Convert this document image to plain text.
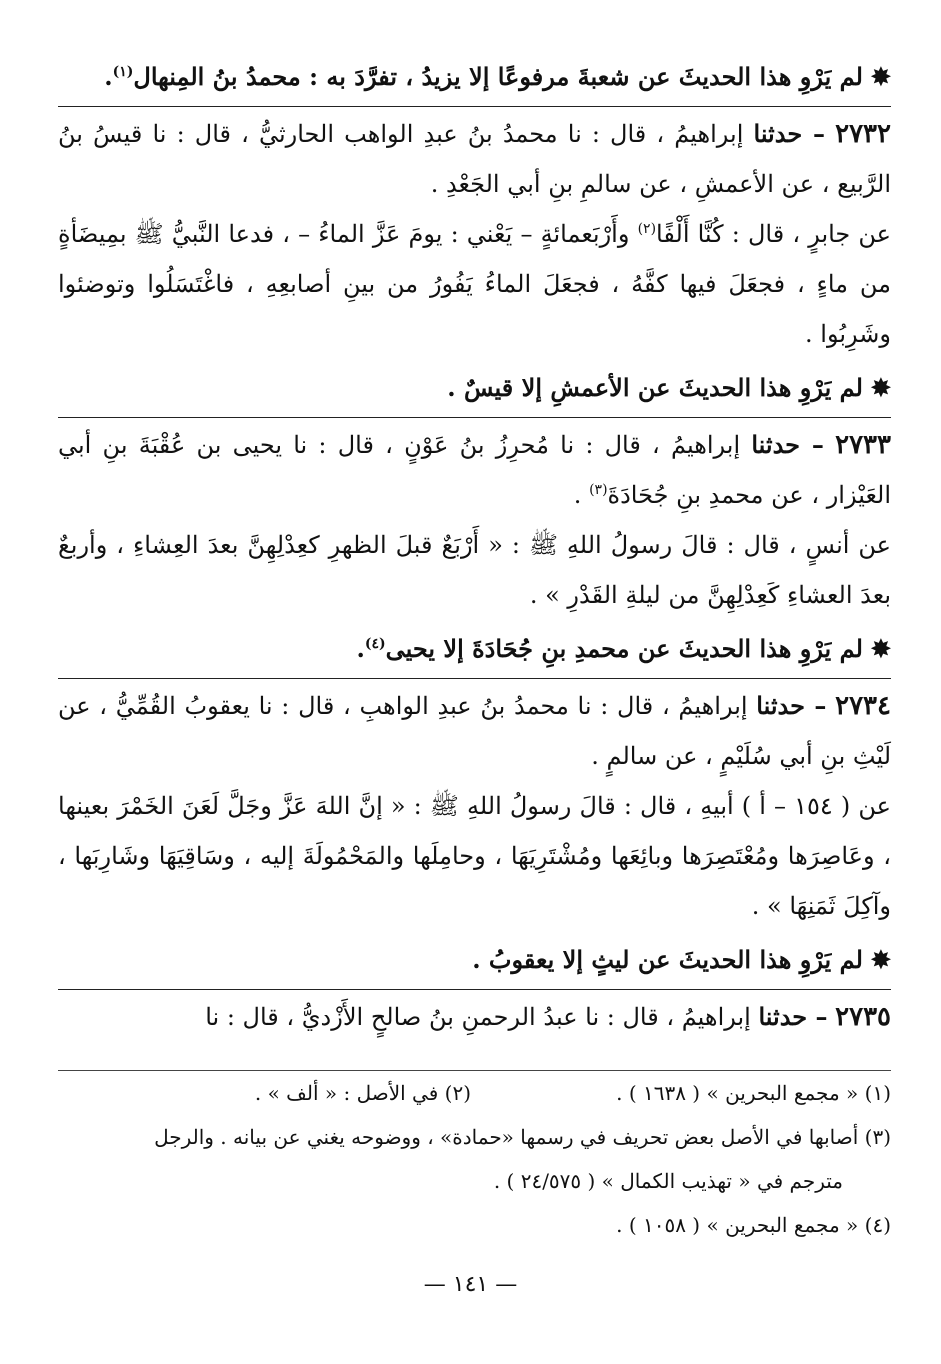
✸لم يَرْوِ هذا الحديثَ عن شعبةَ مرفوعًا إلا يزيدُ ، تفرَّدَ به : محمدُ بنُ المِنهال$^{(١)}$.

٢٧٣٢ – حدثنا إبراهيمُ ، قال : نا محمدُ بنُ عبدِ الواهب الحارثيُّ ، قال : نا قيسُ بنُ الرَّبيع ، عن الأعمشِ ، عن سالمِ بنِ أبي الجَعْدِ .

عن جابرٍ ، قال : كُنَّا أَلْفًا$^{(٢)}$ وأَرْبَعمائةٍ – يَعْني : يومَ عَزَّ الماءُ – ، فدعا النَّبيُّ ﷺ بمِيضَأةٍ من ماءٍ ، فجعَلَ فيها كفَّهُ ، فجعَلَ الماءُ يَفُورُ من بينِ أصابعِهِ ، فاغْتَسَلُوا وتوضئوا وشَرِبُوا .

✸لم يَرْوِ هذا الحديثَ عن الأعمشِ إلا قيسٌ .

٢٧٣٣ – حدثنا إبراهيمُ ، قال : نا مُحرِزُ بنُ عَوْنٍ ، قال : نا يحيى بن عُقْبَةَ بنِ أبي العَيْزار ، عن محمدِ بنِ جُحَادَةَ$^{(٣)}$ .

عن أنسٍ ، قال : قالَ رسولُ اللهِ ﷺ : « أَرْبَعٌ قبلَ الظهرِ كعِدْلِهِنَّ بعدَ العِشاءِ ، وأربعٌ بعدَ العشاءِ كَعِدْلِهِنَّ من ليلةِ القَدْرِ » .

✸لم يَرْوِ هذا الحديثَ عن محمدِ بنِ جُحَادَةَ إلا يحيى$^{(٤)}$.

٢٧٣٤ – حدثنا إبراهيمُ ، قال : نا محمدُ بنُ عبدِ الواهبِ ، قال : نا يعقوبُ القُمِّيُّ ، عن لَيْثِ بنِ أبي سُلَيْمٍ ، عن سالمٍ .

عن ( ١٥٤ – أ ) أبيهِ ، قال : قالَ رسولُ اللهِ ﷺ : « إنَّ اللهَ عَزَّ وجَلَّ لَعَنَ الخَمْرَ بعينها ، وعَاصِرَها ومُعْتَصِرَها وبائِعَها ومُشْتَرِيَهَا ، وحامِلَها والمَحْمُولَةَ إليه ، وسَاقِيَهَا وشَارِبَها ، وآكِلَ ثَمَنِهَا » .

✸لم يَرْوِ هذا الحديثَ عن ليثٍ إلا يعقوبُ .

٢٧٣٥ – حدثنا إبراهيمُ ، قال : نا عبدُ الرحمنِ بنُ صالحٍ الأَزْديُّ ، قال : نا

(١) « مجمع البحرين » ( ١٦٣٨ ) .
(٢) في الأصل : « ألف » .
(٣) أصابها في الأصل بعض تحريف في رسمها «حمادة» ، ووضوحه يغني عن بيانه . والرجل
مترجم في « تهذيب الكمال » ( ٢٤/٥٧٥ ) .
(٤) « مجمع البحرين » ( ١٠٥٨ ) .
— ١٤١ —
